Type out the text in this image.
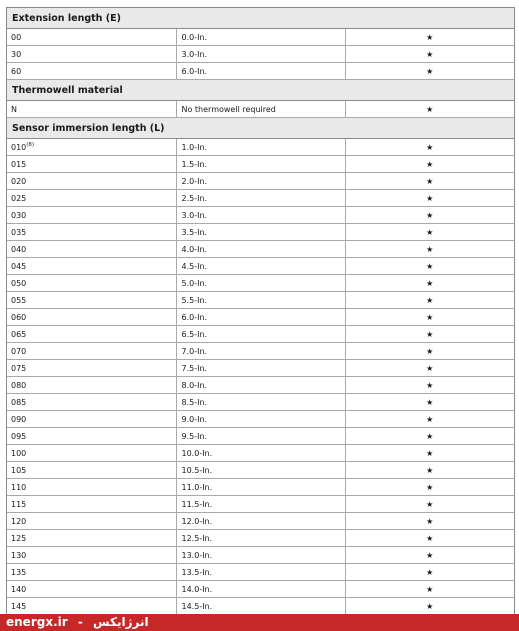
Extension length (E)		
00	0.0-In.	★
30	3.0-In.	★
60	6.0-In.	★
Thermowell material		
N	No thermowell required	★
Sensor immersion length (L)		
010$^{(8)}$	1.0-In.	★
015	1.5-In.	★
020	2.0-In.	★
025	2.5-In.	★
030	3.0-In.	★
035	3.5-In.	★
040	4.0-In.	★
045	4.5-In.	★
050	5.0-In.	★
055	5.5-In.	★
060	6.0-In.	★
065	6.5-In.	★
070	7.0-In.	★
075	7.5-In.	★
080	8.0-In.	★
085	8.5-In.	★
090	9.0-In.	★
095	9.5-In.	★
100	10.0-In.	★
105	10.5-In.	★
110	11.0-In.	★
115	11.5-In.	★
120	12.0-In.	★
125	12.5-In.	★
130	13.0-In.	★
135	13.5-In.	★
140	14.0-In.	★
145	14.5-In.	★
energx.ir - انرژایکس
